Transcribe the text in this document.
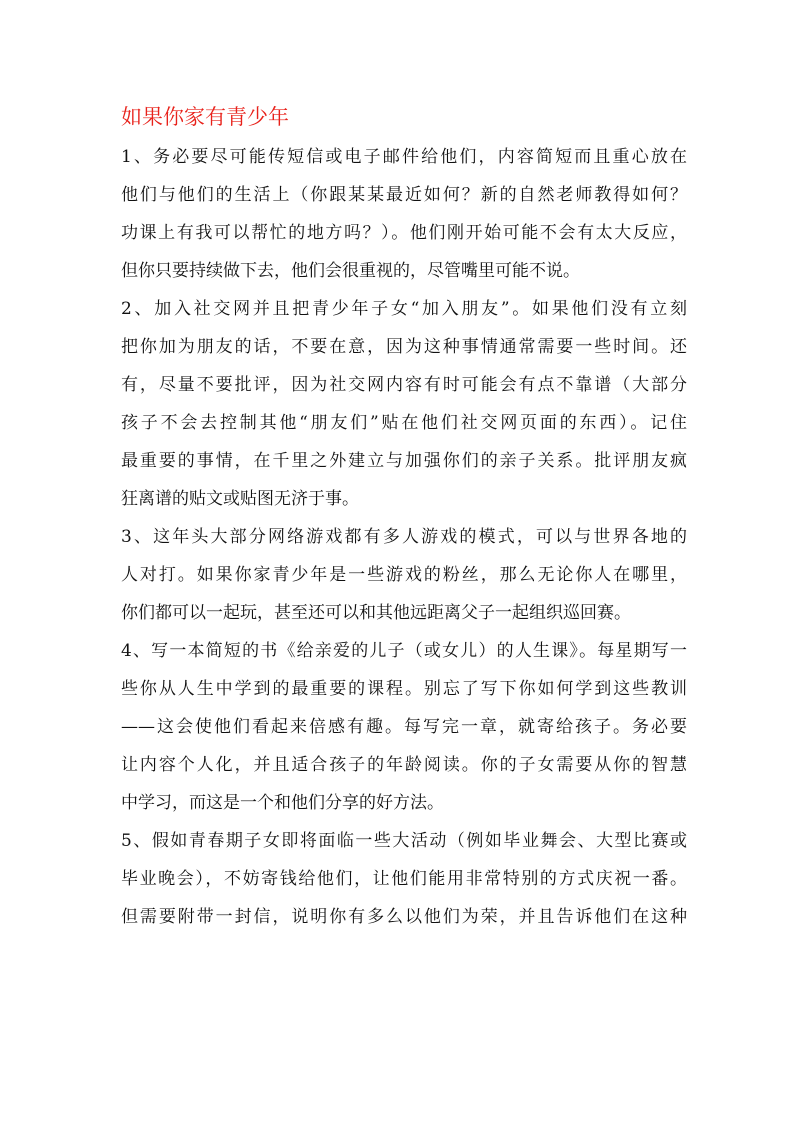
如果你家有青少年
1、务必要尽可能传短信或电子邮件给他们，内容简短而且重心放在
他们与他们的生活上（你跟某某最近如何？新的自然老师教得如何？
功课上有我可以帮忙的地方吗？）。他们刚开始可能不会有太大反应，
但你只要持续做下去，他们会很重视的，尽管嘴里可能不说。
2、加入社交网并且把青少年子女“加入朋友”。如果他们没有立刻
把你加为朋友的话，不要在意，因为这种事情通常需要一些时间。还
有，尽量不要批评，因为社交网内容有时可能会有点不靠谱（大部分
孩子不会去控制其他“朋友们”贴在他们社交网页面的东西）。记住
最重要的事情，在千里之外建立与加强你们的亲子关系。批评朋友疯
狂离谱的贴文或贴图无济于事。
3、这年头大部分网络游戏都有多人游戏的模式，可以与世界各地的
人对打。如果你家青少年是一些游戏的粉丝，那么无论你人在哪里，
你们都可以一起玩，甚至还可以和其他远距离父子一起组织巡回赛。
4、写一本简短的书《给亲爱的儿子（或女儿）的人生课》。每星期写一
些你从人生中学到的最重要的课程。别忘了写下你如何学到这些教训
——这会使他们看起来倍感有趣。每写完一章，就寄给孩子。务必要
让内容个人化，并且适合孩子的年龄阅读。你的子女需要从你的智慧
中学习，而这是一个和他们分享的好方法。
5、假如青春期子女即将面临一些大活动（例如毕业舞会、大型比赛或
毕业晚会），不妨寄钱给他们，让他们能用非常特别的方式庆祝一番。
但需要附带一封信，说明你有多么以他们为荣，并且告诉他们在这种
